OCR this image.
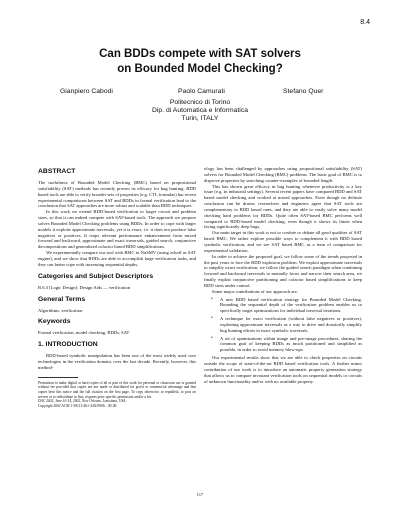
8.4
Can BDDs compete with SAT solvers
on Bounded Model Checking?
Gianpiero Cabodi	Paolo Camurati	Stefano Quer
Politecnico di Torino
Dip. di Automatica e Informatica
Turin, ITALY
ABSTRACT

The usefulness of Bounded Model Checking (BMC) based on propositional satisfiability (SAT) methods has recently proven its efficacy for bug hunting. BDD based tools are able to verify broader sets of properties (e.g. CTL formulas) but recent experimental comparisons between SAT and BDDs in formal verification lead to the conclusion that SAT approaches are more robust and scalable than BDD techniques.

In this work we extend BDD-based verification to larger circuit and problem sizes, so that it can indeed compete with SAT-based tools. The approach we propose solves Bounded Model Checking problems using BDDs. In order to cope with larger models it exploits approximate traversals, yet it is exact, i.e. it does not produce false negatives or positives. It reaps relevant performance enhancements from mixed forward and backward, approximate and exact traversals, guided search, conjunctive decompositions and generalized cofactor based BDD simplifications.

We experimentally compare our tool with BMC in NuSMV (using zchaff as SAT engine), and we show that BDDs are able to accomplish large verification tasks, and they can better cope with increasing sequential depths.

Categories and Subject Descriptors

B.6.3 [Logic Design]: Design Aids — verification

General Terms

Algorithms, verification

Keywords

Formal verification, model checking, BDDs, SAT

1. INTRODUCTION

BDD-based symbolic manipulation has been one of the most widely used core technologies in the verification domain, over the last decade. Recently, however, this method-

Permission to make digital or hard copies of all or part of this work for personal or classroom use is granted without fee provided that copies are not made or distributed for profit or commercial advantage and that copies bear this notice and the full citation on the first page. To copy otherwise, to republish, to post on servers or to redistribute to lists, requires prior specific permission and/or a fee.

DAC 2002, June 10-14, 2002, New Orleans, Louisiana, USA.

Copyright 2002 ACM 1-58113-461-4/02/0006 ...$5.00.

ology has been challenged by approaches using propositional satisfiability (SAT) solvers for Bounded Model Checking (BMC) problems. The basic goal of BMC is to disprove properties by searching counter-examples of bounded length.

This has shown great efficacy in bug hunting whenever productivity is a key issue (e.g. in industrial settings). Several recent papers have compared BDD and SAT based model checking and worked at mixed approaches. Even though no definite conclusion can be drawn, researchers and engineers agree that SAT tools are complementary to BDD based ones, and they are able to easily solve many model checking hard problems for BDDs. Quite often SAT-based BMC performs well compared to BDD-based model checking, even though it shows its limits when facing significantly deep bugs.

Our main target in this work is not to confute or debate all good qualities of SAT based BMC. We rather explore possible ways to complement it with BDD based symbolic verification, and we see SAT based BMC as a term of comparison for experimental validation.

In order to achieve the proposed goal, we follow some of the trends proposed in the past years to face the BDD explosion problem. We exploit approximate traversals to simplify exact verification, we follow the guided search paradigm when combining forward and backward traversals to mutually focus and narrow their search area, we finally exploit conjunctive partitioning and cofactor based simplifications to keep BDD sizes under control.

Some major contributions of our approach are:

• A new BDD based verification strategy for Bounded Model Checking. Bounding the sequential depth of the verification problem enables us to specifically target optimizations for individual traversal iterations.
• A technique for exact verification (without false negatives or positives), exploiting approximate traversals as a way to drive and drastically simplify bug hunting efforts in exact symbolic traversals.
• A set of optimizations within image and pre-image procedures, sharing the common goal of keeping BDDs as much partitioned and simplified as possible, in order to avoid memory blow-ups.

Our experimental results show that we are able to check properties on circuits outside the scope of state-of-the-art BDD based verification tools. A further minor contribution of our work is to introduce an automatic property generation strategy that allows us to compare invariant verification tools on sequential models or circuits of unknown functionality and/or with no available property.

117
